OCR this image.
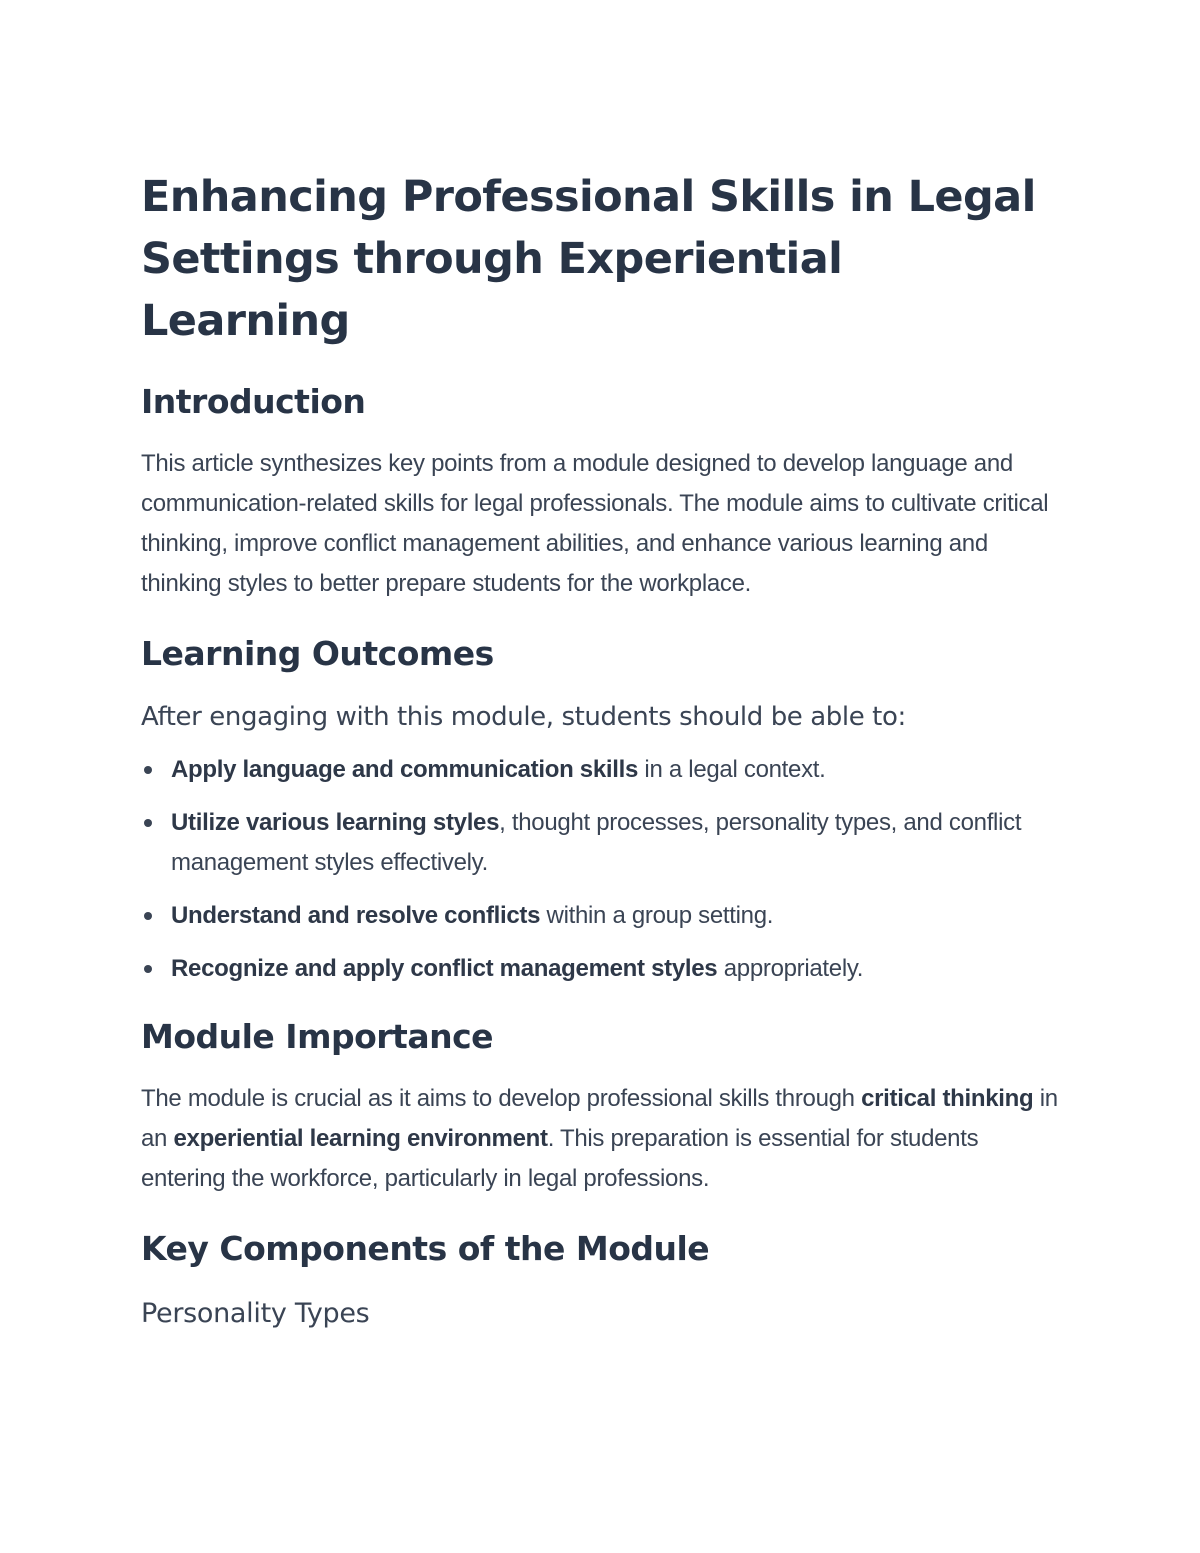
Enhancing Professional Skills in Legal Settings through Experiential Learning
Introduction

This article synthesizes key points from a module designed to develop language and communication-related skills for legal professionals. The module aims to cultivate critical thinking, improve conflict management abilities, and enhance various learning and thinking styles to better prepare students for the workplace.

Learning Outcomes

After engaging with this module, students should be able to:

Apply language and communication skills in a legal context.
Utilize various learning styles, thought processes, personality types, and conflict management styles effectively.
Understand and resolve conflicts within a group setting.
Recognize and apply conflict management styles appropriately.
Module Importance

The module is crucial as it aims to develop professional skills through critical thinking in an experiential learning environment. This preparation is essential for students entering the workforce, particularly in legal professions.

Key Components of the Module
Personality Types
